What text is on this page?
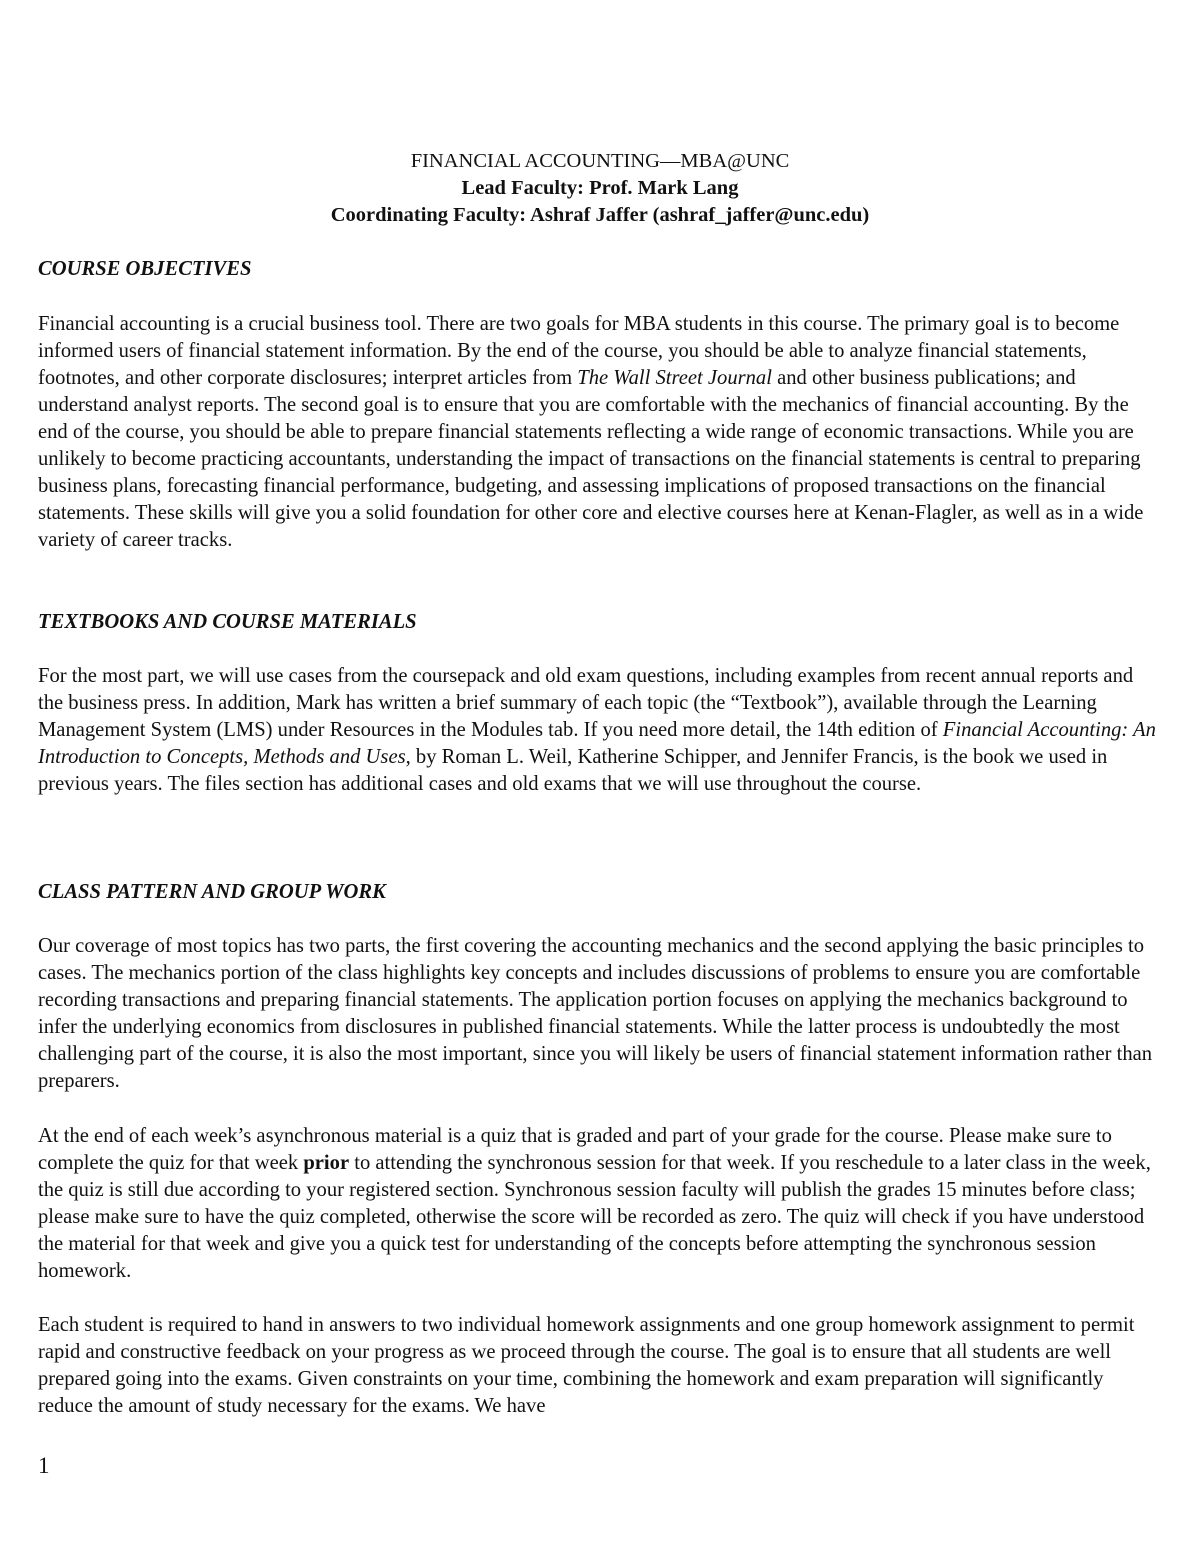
FINANCIAL ACCOUNTING—MBA@UNC
Lead Faculty: Prof. Mark Lang
Coordinating Faculty: Ashraf Jaffer (ashraf_jaffer@unc.edu)
COURSE OBJECTIVES

Financial accounting is a crucial business tool. There are two goals for MBA students in this course. The primary goal is to become informed users of financial statement information. By the end of the course, you should be able to analyze financial statements, footnotes, and other corporate disclosures; interpret articles from The Wall Street Journal and other business publications; and understand analyst reports. The second goal is to ensure that you are comfortable with the mechanics of financial accounting. By the end of the course, you should be able to prepare financial statements reflecting a wide range of economic transactions. While you are unlikely to become practicing accountants, understanding the impact of transactions on the financial statements is central to preparing business plans, forecasting financial performance, budgeting, and assessing implications of proposed transactions on the financial statements. These skills will give you a solid foundation for other core and elective courses here at Kenan-Flagler, as well as in a wide variety of career tracks.

TEXTBOOKS AND COURSE MATERIALS

For the most part, we will use cases from the coursepack and old exam questions, including examples from recent annual reports and the business press. In addition, Mark has written a brief summary of each topic (the “Textbook”), available through the Learning Management System (LMS) under Resources in the Modules tab. If you need more detail, the 14th edition of Financial Accounting: An Introduction to Concepts, Methods and Uses, by Roman L. Weil, Katherine Schipper, and Jennifer Francis, is the book we used in previous years. The files section has additional cases and old exams that we will use throughout the course.

CLASS PATTERN AND GROUP WORK

Our coverage of most topics has two parts, the first covering the accounting mechanics and the second applying the basic principles to cases. The mechanics portion of the class highlights key concepts and includes discussions of problems to ensure you are comfortable recording transactions and preparing financial statements. The application portion focuses on applying the mechanics background to infer the underlying economics from disclosures in published financial statements. While the latter process is undoubtedly the most challenging part of the course, it is also the most important, since you will likely be users of financial statement information rather than preparers.

At the end of each week’s asynchronous material is a quiz that is graded and part of your grade for the course. Please make sure to complete the quiz for that week prior to attending the synchronous session for that week. If you reschedule to a later class in the week, the quiz is still due according to your registered section. Synchronous session faculty will publish the grades 15 minutes before class; please make sure to have the quiz completed, otherwise the score will be recorded as zero. The quiz will check if you have understood the material for that week and give you a quick test for understanding of the concepts before attempting the synchronous session homework.

Each student is required to hand in answers to two individual homework assignments and one group homework assignment to permit rapid and constructive feedback on your progress as we proceed through the course. The goal is to ensure that all students are well prepared going into the exams. Given constraints on your time, combining the homework and exam preparation will significantly reduce the amount of study necessary for the exams. We have

1
